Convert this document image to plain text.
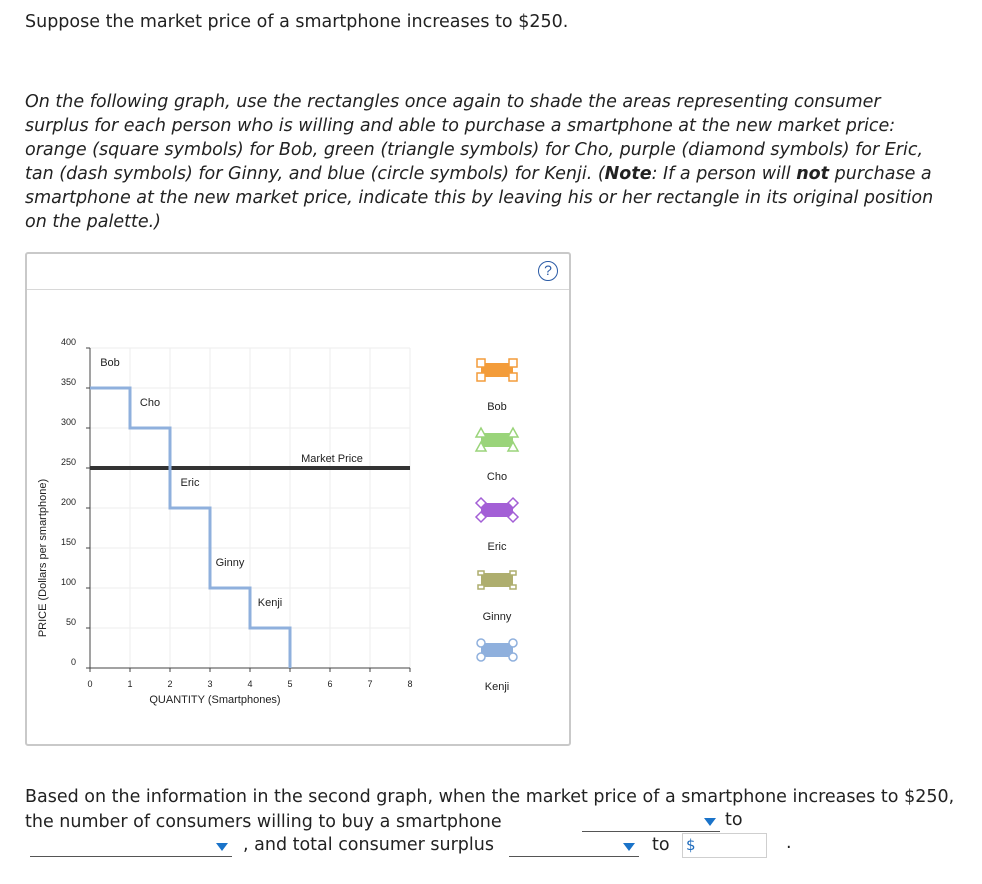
Suppose the market price of a smartphone increases to $250.

On the following graph, use the rectangles once again to shade the areas representing consumer surplus for each person who is willing and able to purchase a smartphone at the new market price: orange (square symbols) for Bob, green (triangle symbols) for Cho, purple (diamond symbols) for Eric, tan (dash symbols) for Ginny, and blue (circle symbols) for Kenji. (Note: If a person will not purchase a smartphone at the new market price, indicate this by leaving his or her rectangle in its original position on the palette.)

?
0
50
100
150
200
250
300
350
400
0	1	2	3	4	5	6	7	8
QUANTITY (Smartphones)
PRICE (Dollars per smartphone)
Market Price
Bob
Cho
Eric
Ginny
Kenji
Bob
Cho
Eric
Ginny
Kenji

Based on the information in the second graph, when the market price of a smartphone increases to $250, the number of consumers willing to buy a smartphone	to
, and total consumer surplus	to $	.
